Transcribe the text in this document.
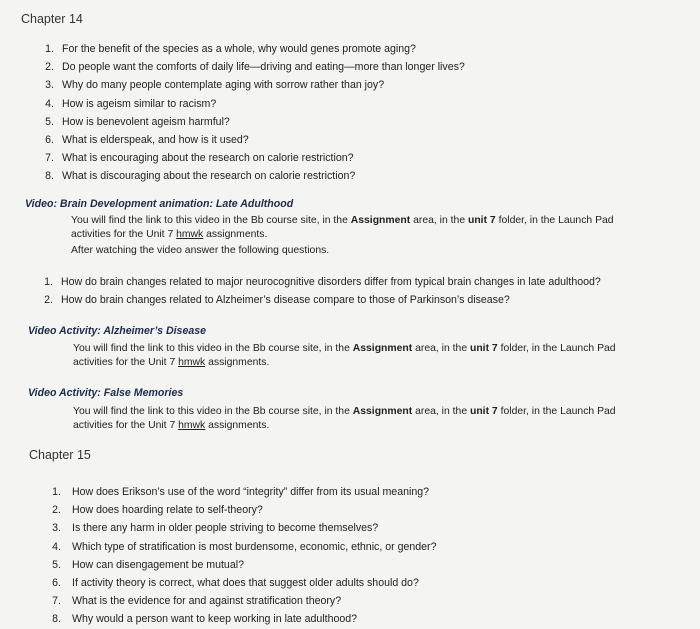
Chapter 14
1. For the benefit of the species as a whole, why would genes promote aging?
2. Do people want the comforts of daily life—driving and eating—more than longer lives?
3. Why do many people contemplate aging with sorrow rather than joy?
4. How is ageism similar to racism?
5. How is benevolent ageism harmful?
6. What is elderspeak, and how is it used?
7. What is encouraging about the research on calorie restriction?
8. What is discouraging about the research on calorie restriction?
Video: Brain Development animation: Late Adulthood

You will find the link to this video in the Bb course site, in the Assignment area, in the unit 7 folder, in the Launch Pad

activities for the Unit 7 hmwk assignments.

After watching the video answer the following questions.

1. How do brain changes related to major neurocognitive disorders differ from typical brain changes in late adulthood?
2. How do brain changes related to Alzheimer’s disease compare to those of Parkinson’s disease?
Video Activity: Alzheimer’s Disease

You will find the link to this video in the Bb course site, in the Assignment area, in the unit 7 folder, in the Launch Pad

activities for the Unit 7 hmwk assignments.

Video Activity: False Memories

You will find the link to this video in the Bb course site, in the Assignment area, in the unit 7 folder, in the Launch Pad

activities for the Unit 7 hmwk assignments.

Chapter 15
1. How does Erikson’s use of the word “integrity” differ from its usual meaning?
2. How does hoarding relate to self-theory?
3. Is there any harm in older people striving to become themselves?
4. Which type of stratification is most burdensome, economic, ethnic, or gender?
5. How can disengagement be mutual?
6. If activity theory is correct, what does that suggest older adults should do?
7. What is the evidence for and against stratification theory?
8. Why would a person want to keep working in late adulthood?
